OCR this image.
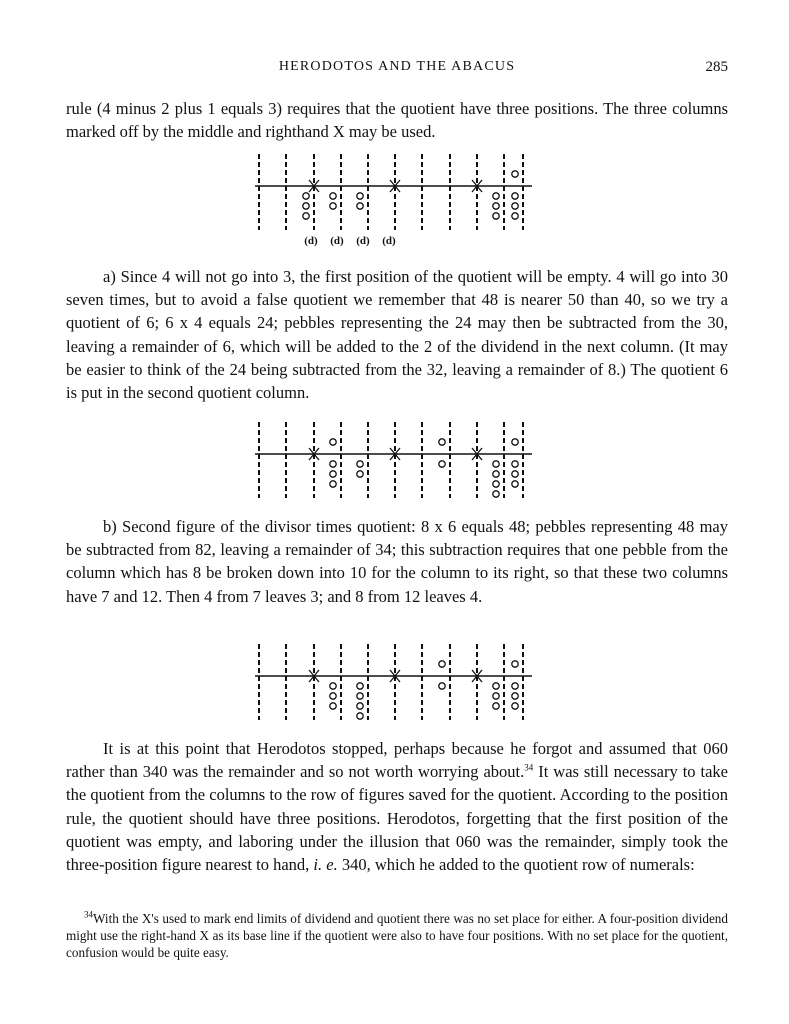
HERODOTOS AND THE ABACUS	285

rule (4 minus 2 plus 1 equals 3) requires that the quotient have three positions. The three columns marked off by the middle and righthand X may be used.

(d) (d) (d) (d)

a) Since 4 will not go into 3, the first position of the quotient will be empty. 4 will go into 30 seven times, but to avoid a false quotient we remember that 48 is nearer 50 than 40, so we try a quotient of 6; 6 x 4 equals 24; pebbles representing the 24 may then be subtracted from the 30, leaving a remainder of 6, which will be added to the 2 of the dividend in the next column. (It may be easier to think of the 24 being subtracted from the 32, leaving a remainder of 8.) The quotient 6 is put in the second quotient column.

b) Second figure of the divisor times quotient: 8 x 6 equals 48; pebbles representing 48 may be subtracted from 82, leaving a remainder of 34; this subtraction requires that one pebble from the column which has 8 be broken down into 10 for the column to its right, so that these two columns have 7 and 12. Then 4 from 7 leaves 3; and 8 from 12 leaves 4.

It is at this point that Herodotos stopped, perhaps because he forgot and assumed that 060 rather than 340 was the remainder and so not worth worrying about.$^{34}$ It was still necessary to take the quotient from the columns to the row of figures saved for the quotient. According to the position rule, the quotient should have three positions. Herodotos, forgetting that the first position of the quotient was empty, and laboring under the illusion that 060 was the remainder, simply took the three-position figure nearest to hand, i. e. 340, which he added to the quotient row of numerals:

$^{34}$With the X's used to mark end limits of dividend and quotient there was no set place for either. A four-position dividend might use the right-hand X as its base line if the quotient were also to have four positions. With no set place for the quotient, confusion would be quite easy.
